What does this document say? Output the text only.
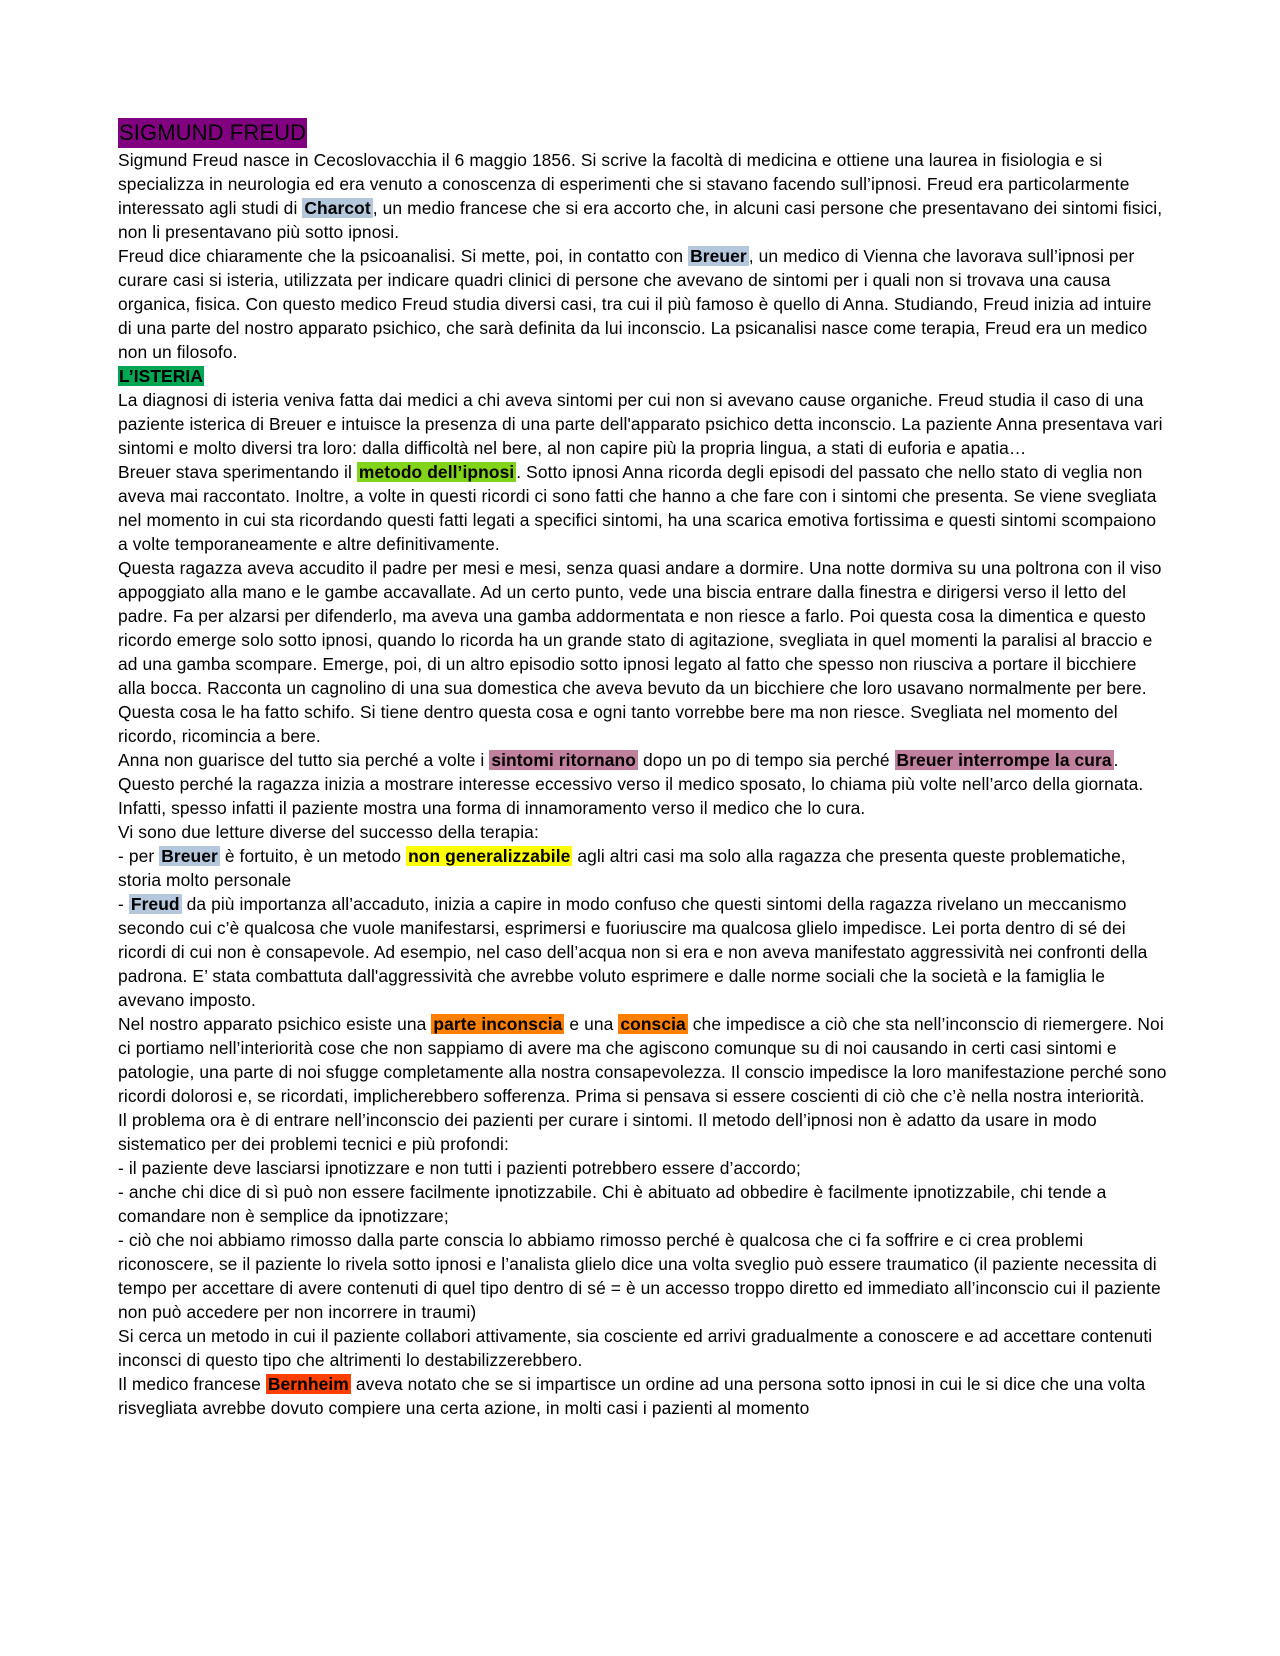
SIGMUND FREUD

Sigmund Freud nasce in Cecoslovacchia il 6 maggio 1856. Si scrive la facoltà di medicina e ottiene una laurea in fisiologia e si specializza in neurologia ed era venuto a conoscenza di esperimenti che si stavano facendo sull’ipnosi. Freud era particolarmente interessato agli studi di Charcot , un medio francese che si era accorto che, in alcuni casi persone che presentavano dei sintomi fisici, non li presentavano più sotto ipnosi.

Freud dice chiaramente che la psicoanalisi. Si mette, poi, in contatto con Breuer , un medico di Vienna che lavorava sull’ipnosi per curare casi si isteria, utilizzata per indicare quadri clinici di persone che avevano de sintomi per i quali non si trovava una causa organica, fisica. Con questo medico Freud studia diversi casi, tra cui il più famoso è quello di Anna. Studiando, Freud inizia ad intuire di una parte del nostro apparato psichico, che sarà definita da lui inconscio. La psicanalisi nasce come terapia, Freud era un medico non un filosofo.

L’ISTERIA

La diagnosi di isteria veniva fatta dai medici a chi aveva sintomi per cui non si avevano cause organiche. Freud studia il caso di una paziente isterica di Breuer e intuisce la presenza di una parte dell'apparato psichico detta inconscio. La paziente Anna presentava vari sintomi e molto diversi tra loro: dalla difficoltà nel bere, al non capire più la propria lingua, a stati di euforia e apatia…

Breuer stava sperimentando il metodo dell’ipnosi . Sotto ipnosi Anna ricorda degli episodi del passato che nello stato di veglia non aveva mai raccontato. Inoltre, a volte in questi ricordi ci sono fatti che hanno a che fare con i sintomi che presenta. Se viene svegliata nel momento in cui sta ricordando questi fatti legati a specifici sintomi, ha una scarica emotiva fortissima e questi sintomi scompaiono a volte temporaneamente e altre definitivamente.

Questa ragazza aveva accudito il padre per mesi e mesi, senza quasi andare a dormire. Una notte dormiva su una poltrona con il viso appoggiato alla mano e le gambe accavallate. Ad un certo punto, vede una biscia entrare dalla finestra e dirigersi verso il letto del padre. Fa per alzarsi per difenderlo, ma aveva una gamba addormentata e non riesce a farlo. Poi questa cosa la dimentica e questo ricordo emerge solo sotto ipnosi, quando lo ricorda ha un grande stato di agitazione, svegliata in quel momenti la paralisi al braccio e ad una gamba scompare. Emerge, poi, di un altro episodio sotto ipnosi legato al fatto che spesso non riusciva a portare il bicchiere alla bocca. Racconta un cagnolino di una sua domestica che aveva bevuto da un bicchiere che loro usavano normalmente per bere. Questa cosa le ha fatto schifo. Si tiene dentro questa cosa e ogni tanto vorrebbe bere ma non riesce. Svegliata nel momento del ricordo, ricomincia a bere.

Anna non guarisce del tutto sia perché a volte i sintomi ritornano dopo un po di tempo sia perché Breuer interrompe la cura . Questo perché la ragazza inizia a mostrare interesse eccessivo verso il medico sposato, lo chiama più volte nell’arco della giornata. Infatti, spesso infatti il paziente mostra una forma di innamoramento verso il medico che lo cura.

Vi sono due letture diverse del successo della terapia:

- per Breuer è fortuito, è un metodo non generalizzabile agli altri casi ma solo alla ragazza che presenta queste problematiche, storia molto personale

- Freud da più importanza all’accaduto, inizia a capire in modo confuso che questi sintomi della ragazza rivelano un meccanismo secondo cui c’è qualcosa che vuole manifestarsi, esprimersi e fuoriuscire ma qualcosa glielo impedisce. Lei porta dentro di sé dei ricordi di cui non è consapevole. Ad esempio, nel caso dell’acqua non si era e non aveva manifestato aggressività nei confronti della padrona. E’ stata combattuta dall'aggressività che avrebbe voluto esprimere e dalle norme sociali che la società e la famiglia le avevano imposto.

Nel nostro apparato psichico esiste una parte inconscia e una conscia che impedisce a ciò che sta nell’inconscio di riemergere. Noi ci portiamo nell’interiorità cose che non sappiamo di avere ma che agiscono comunque su di noi causando in certi casi sintomi e patologie, una parte di noi sfugge completamente alla nostra consapevolezza. Il conscio impedisce la loro manifestazione perché sono ricordi dolorosi e, se ricordati, implicherebbero sofferenza. Prima si pensava si essere coscienti di ciò che c’è nella nostra interiorità.

Il problema ora è di entrare nell’inconscio dei pazienti per curare i sintomi. Il metodo dell’ipnosi non è adatto da usare in modo sistematico per dei problemi tecnici e più profondi:

- il paziente deve lasciarsi ipnotizzare e non tutti i pazienti potrebbero essere d’accordo;

- anche chi dice di sì può non essere facilmente ipnotizzabile. Chi è abituato ad obbedire è facilmente ipnotizzabile, chi tende a comandare non è semplice da ipnotizzare;

- ciò che noi abbiamo rimosso dalla parte conscia lo abbiamo rimosso perché è qualcosa che ci fa soffrire e ci crea problemi riconoscere, se il paziente lo rivela sotto ipnosi e l’analista glielo dice una volta sveglio può essere traumatico (il paziente necessita di tempo per accettare di avere contenuti di quel tipo dentro di sé = è un accesso troppo diretto ed immediato all’inconscio cui il paziente non può accedere per non incorrere in traumi)

Si cerca un metodo in cui il paziente collabori attivamente, sia cosciente ed arrivi gradualmente a conoscere e ad accettare contenuti inconsci di questo tipo che altrimenti lo destabilizzerebbero.

Il medico francese Bernheim aveva notato che se si impartisce un ordine ad una persona sotto ipnosi in cui le si dice che una volta risvegliata avrebbe dovuto compiere una certa azione, in molti casi i pazienti al momento
